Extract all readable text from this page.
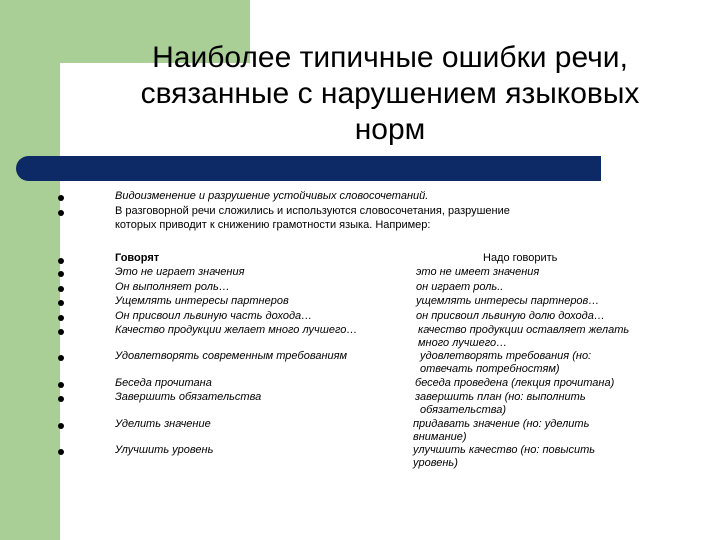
Наиболее типичные ошибки речи,
связанные с нарушением языковых
норм
Видоизменение и разрушение устойчивых словосочетаний.
В разговорной речи сложились и используются словосочетания, разрушение
которых приводит к снижению грамотности языка. Например:
Говорят	Надо говорить
Это не играет значения	это не имеет значения
Он выполняет роль…	он играет роль..
Ущемлять интересы партнеров	ущемлять интересы партнеров…
Он присвоил львиную часть дохода…	он присвоил львиную долю дохода…
Качество продукции желает много лучшего…	качество продукции оставляет желать
много лучшего…
Удовлетворять современным требованиям	удовлетворять требования (но:
отвечать потребностям)
Беседа прочитана	беседа проведена (лекция прочитана)
Завершить обязательства	завершить план (но: выполнить
обязательства)
Уделить значение	придавать значение (но: уделить
внимание)
Улучшить уровень	улучшить качество (но: повысить
уровень)
